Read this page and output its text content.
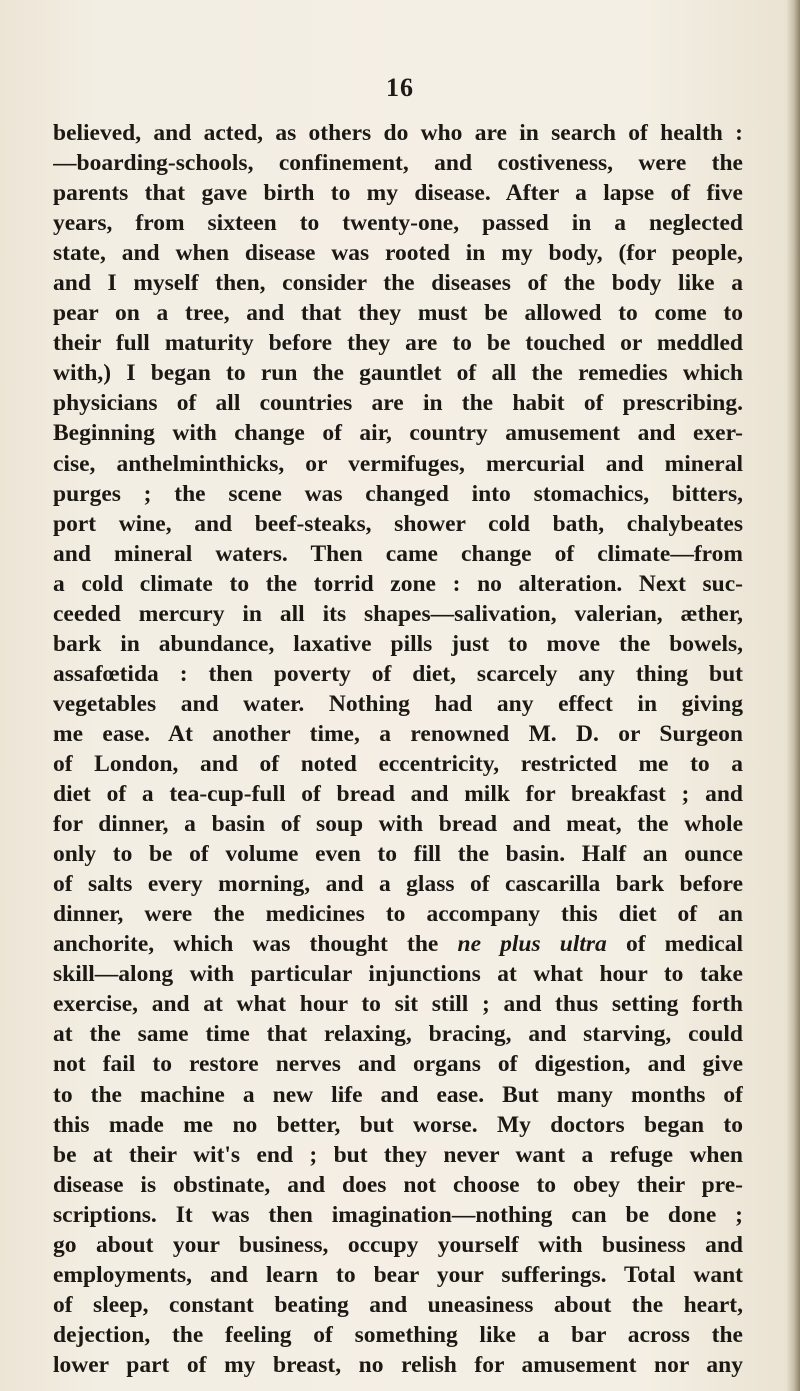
16
believed, and acted, as others do who are in search of health :
—boarding-schools, confinement, and costiveness, were the
parents that gave birth to my disease. After a lapse of five
years, from sixteen to twenty-one, passed in a neglected
state, and when disease was rooted in my body, (for people,
and I myself then, consider the diseases of the body like a
pear on a tree, and that they must be allowed to come to
their full maturity before they are to be touched or meddled
with,) I began to run the gauntlet of all the remedies which
physicians of all countries are in the habit of prescribing.
Beginning with change of air, country amusement and exer-
cise, anthelminthicks, or vermifuges, mercurial and mineral
purges ; the scene was changed into stomachics, bitters,
port wine, and beef-steaks, shower cold bath, chalybeates
and mineral waters. Then came change of climate—from
a cold climate to the torrid zone : no alteration. Next suc-
ceeded mercury in all its shapes—salivation, valerian, æther,
bark in abundance, laxative pills just to move the bowels,
assafœtida : then poverty of diet, scarcely any thing but
vegetables and water. Nothing had any effect in giving
me ease. At another time, a renowned M. D. or Surgeon
of London, and of noted eccentricity, restricted me to a
diet of a tea-cup-full of bread and milk for breakfast ; and
for dinner, a basin of soup with bread and meat, the whole
only to be of volume even to fill the basin. Half an ounce
of salts every morning, and a glass of cascarilla bark before
dinner, were the medicines to accompany this diet of an
anchorite, which was thought the ne plus ultra of medical
skill—along with particular injunctions at what hour to take
exercise, and at what hour to sit still ; and thus setting forth
at the same time that relaxing, bracing, and starving, could
not fail to restore nerves and organs of digestion, and give
to the machine a new life and ease. But many months of
this made me no better, but worse. My doctors began to
be at their wit's end ; but they never want a refuge when
disease is obstinate, and does not choose to obey their pre-
scriptions. It was then imagination—nothing can be done ;
go about your business, occupy yourself with business and
employments, and learn to bear your sufferings. Total want
of sleep, constant beating and uneasiness about the heart,
dejection, the feeling of something like a bar across the
lower part of my breast, no relish for amusement nor any
